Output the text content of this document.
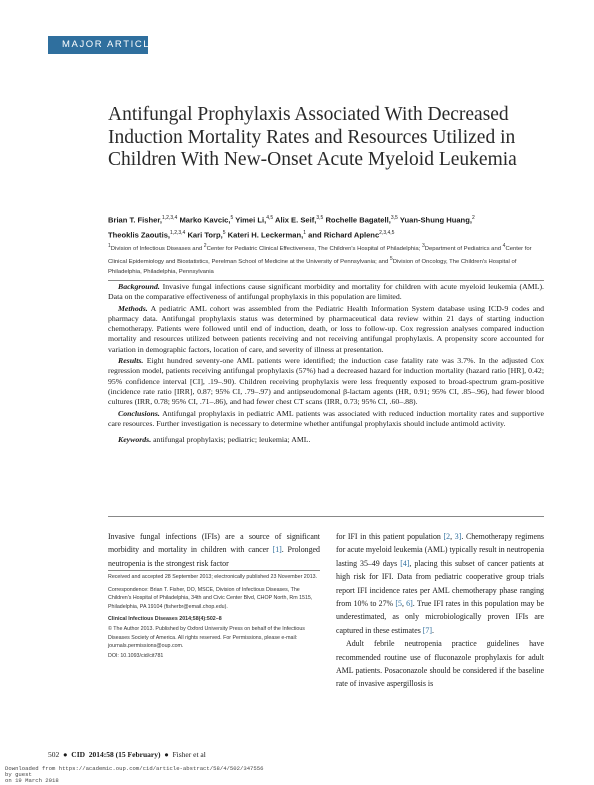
MAJOR ARTICLE
Antifungal Prophylaxis Associated With Decreased Induction Mortality Rates and Resources Utilized in Children With New-Onset Acute Myeloid Leukemia
Brian T. Fisher,$^{1,2,3,4}$ Marko Kavcic,$^5$ Yimei Li,$^{4,5}$ Alix E. Seif,$^{3,5}$ Rochelle Bagatell,$^{3,5}$ Yuan-Shung Huang,$^2$
Theoklis Zaoutis,$^{1,2,3,4}$ Kari Torp,$^5$ Kateri H. Leckerman,$^1$ and Richard Aplenc$^{2,3,4,5}$
$^1$Division of Infectious Diseases and $^2$Center for Pediatric Clinical Effectiveness, The Children's Hospital of Philadelphia; $^3$Department of Pediatrics and $^4$Center for Clinical Epidemiology and Biostatistics, Perelman School of Medicine at the University of Pennsylvania; and $^5$Division of Oncology, The Children's Hospital of Philadelphia, Philadelphia, Pennsylvania

Background. Invasive fungal infections cause significant morbidity and mortality for children with acute myeloid leukemia (AML). Data on the comparative effectiveness of antifungal prophylaxis in this population are limited.

Methods. A pediatric AML cohort was assembled from the Pediatric Health Information System database using ICD-9 codes and pharmacy data. Antifungal prophylaxis status was determined by pharmaceutical data review within 21 days of starting induction chemotherapy. Patients were followed until end of induction, death, or loss to follow-up. Cox regression analyses compared induction mortality and resources utilized between patients receiving and not receiving antifungal prophylaxis. A propensity score accounted for variation in demographic factors, location of care, and severity of illness at presentation.

Results. Eight hundred seventy-one AML patients were identified; the induction case fatality rate was 3.7%. In the adjusted Cox regression model, patients receiving antifungal prophylaxis (57%) had a decreased hazard for induction mortality (hazard ratio [HR], 0.42; 95% confidence interval [CI], .19–.90). Children receiving prophylaxis were less frequently exposed to broad-spectrum gram-positive (incidence rate ratio [IRR], 0.87; 95% CI, .79–.97) and antipseudomonal β-lactam agents (HR, 0.91; 95% CI, .85–.96), had fewer blood cultures (IRR, 0.78; 95% CI, .71–.86), and had fewer chest CT scans (IRR, 0.73; 95% CI, .60–.88).

Conclusions. Antifungal prophylaxis in pediatric AML patients was associated with reduced induction mortality rates and supportive care resources. Further investigation is necessary to determine whether antifungal prophylaxis should include antimold activity.

Keywords. antifungal prophylaxis; pediatric; leukemia; AML.

Invasive fungal infections (IFIs) are a source of significant morbidity and mortality in children with cancer [1]. Prolonged neutropenia is the strongest risk factor

for IFI in this patient population [2, 3]. Chemotherapy regimens for acute myeloid leukemia (AML) typically result in neutropenia lasting 35–49 days [4], placing this subset of cancer patients at high risk for IFI. Data from pediatric cooperative group trials report IFI incidence rates per AML chemotherapy phase ranging from 10% to 27% [5, 6]. True IFI rates in this population may be underestimated, as only microbiologically proven IFIs are captured in these estimates [7].

Adult febrile neutropenia practice guidelines have recommended routine use of fluconazole prophylaxis for adult AML patients. Posaconazole should be considered if the baseline rate of invasive aspergillosis is

Received and accepted 28 September 2013; electronically published 23 November 2013.

Correspondence: Brian T. Fisher, DO, MSCE, Division of Infectious Diseases, The Children's Hospital of Philadelphia, 34th and Civic Center Blvd, CHOP North, Rm 1515, Philadelphia, PA 19104 (fisherbr@email.chop.edu).

Clinical Infectious Diseases 2014;58(4):502–8

© The Author 2013. Published by Oxford University Press on behalf of the Infectious Diseases Society of America. All rights reserved. For Permissions, please e-mail: journals.permissions@oup.com.

DOI: 10.1093/cid/cit781

502  ●  CID 2014:58 (15 February)  ●  Fisher et al
Downloaded from https://academic.oup.com/cid/article-abstract/58/4/502/347556
by guest
on 19 March 2018
